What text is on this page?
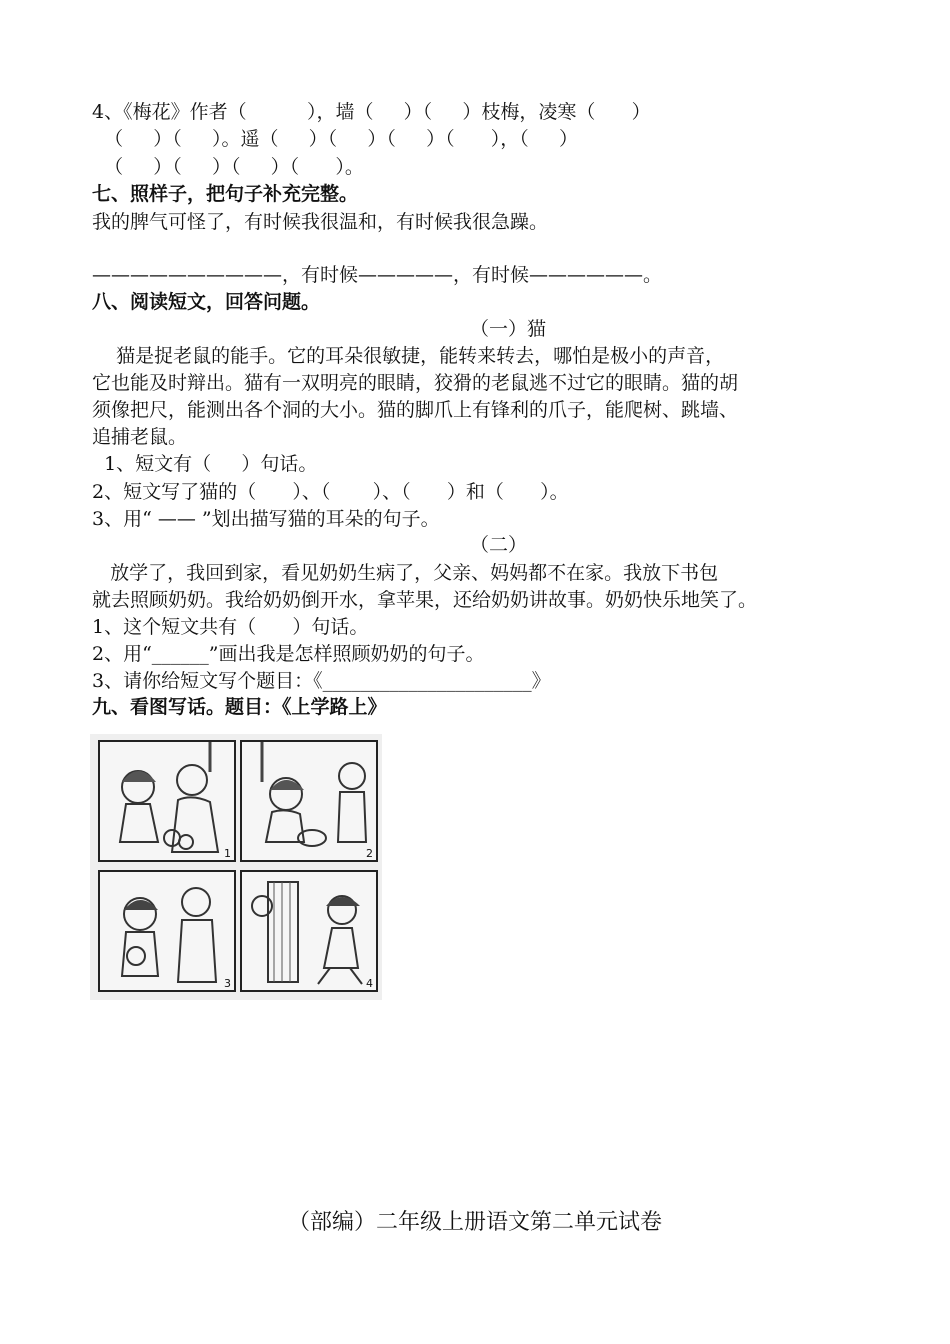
4、《梅花》作者（          ），墙（     ）（     ）枝梅，凌寒（      ）
（     ）（     ）。遥（     ）（     ）（     ）（      ），（     ）
（     ）（     ）（     ）（      ）。
七、照样子，把句子补充完整。
我的脾气可怪了，有时候我很温和，有时候我很急躁。
——————————，有时候—————，有时候——————。
八、阅读短文，回答问题。
（一）猫
猫是捉老鼠的能手。它的耳朵很敏捷，能转来转去，哪怕是极小的声音，
它也能及时辩出。猫有一双明亮的眼睛，狡猾的老鼠逃不过它的眼睛。猫的胡
须像把尺，能测出各个洞的大小。猫的脚爪上有锋利的爪子，能爬树、跳墙、
追捕老鼠。
1、短文有（     ）句话。
2、短文写了猫的（      ）、（       ）、（      ）和（      ）。
3、用“ —— ”划出描写猫的耳朵的句子。
（二）
放学了，我回到家，看见奶奶生病了，父亲、妈妈都不在家。我放下书包
就去照顾奶奶。我给奶奶倒开水，拿苹果，还给奶奶讲故事。奶奶快乐地笑了。
1、这个短文共有（      ）句话。
2、用“______”画出我是怎样照顾奶奶的句子。
3、请你给短文写个题目：《______________________》
九、看图写话。题目：《上学路上》
1	2
3	4
（部编）二年级上册语文第二单元试卷
